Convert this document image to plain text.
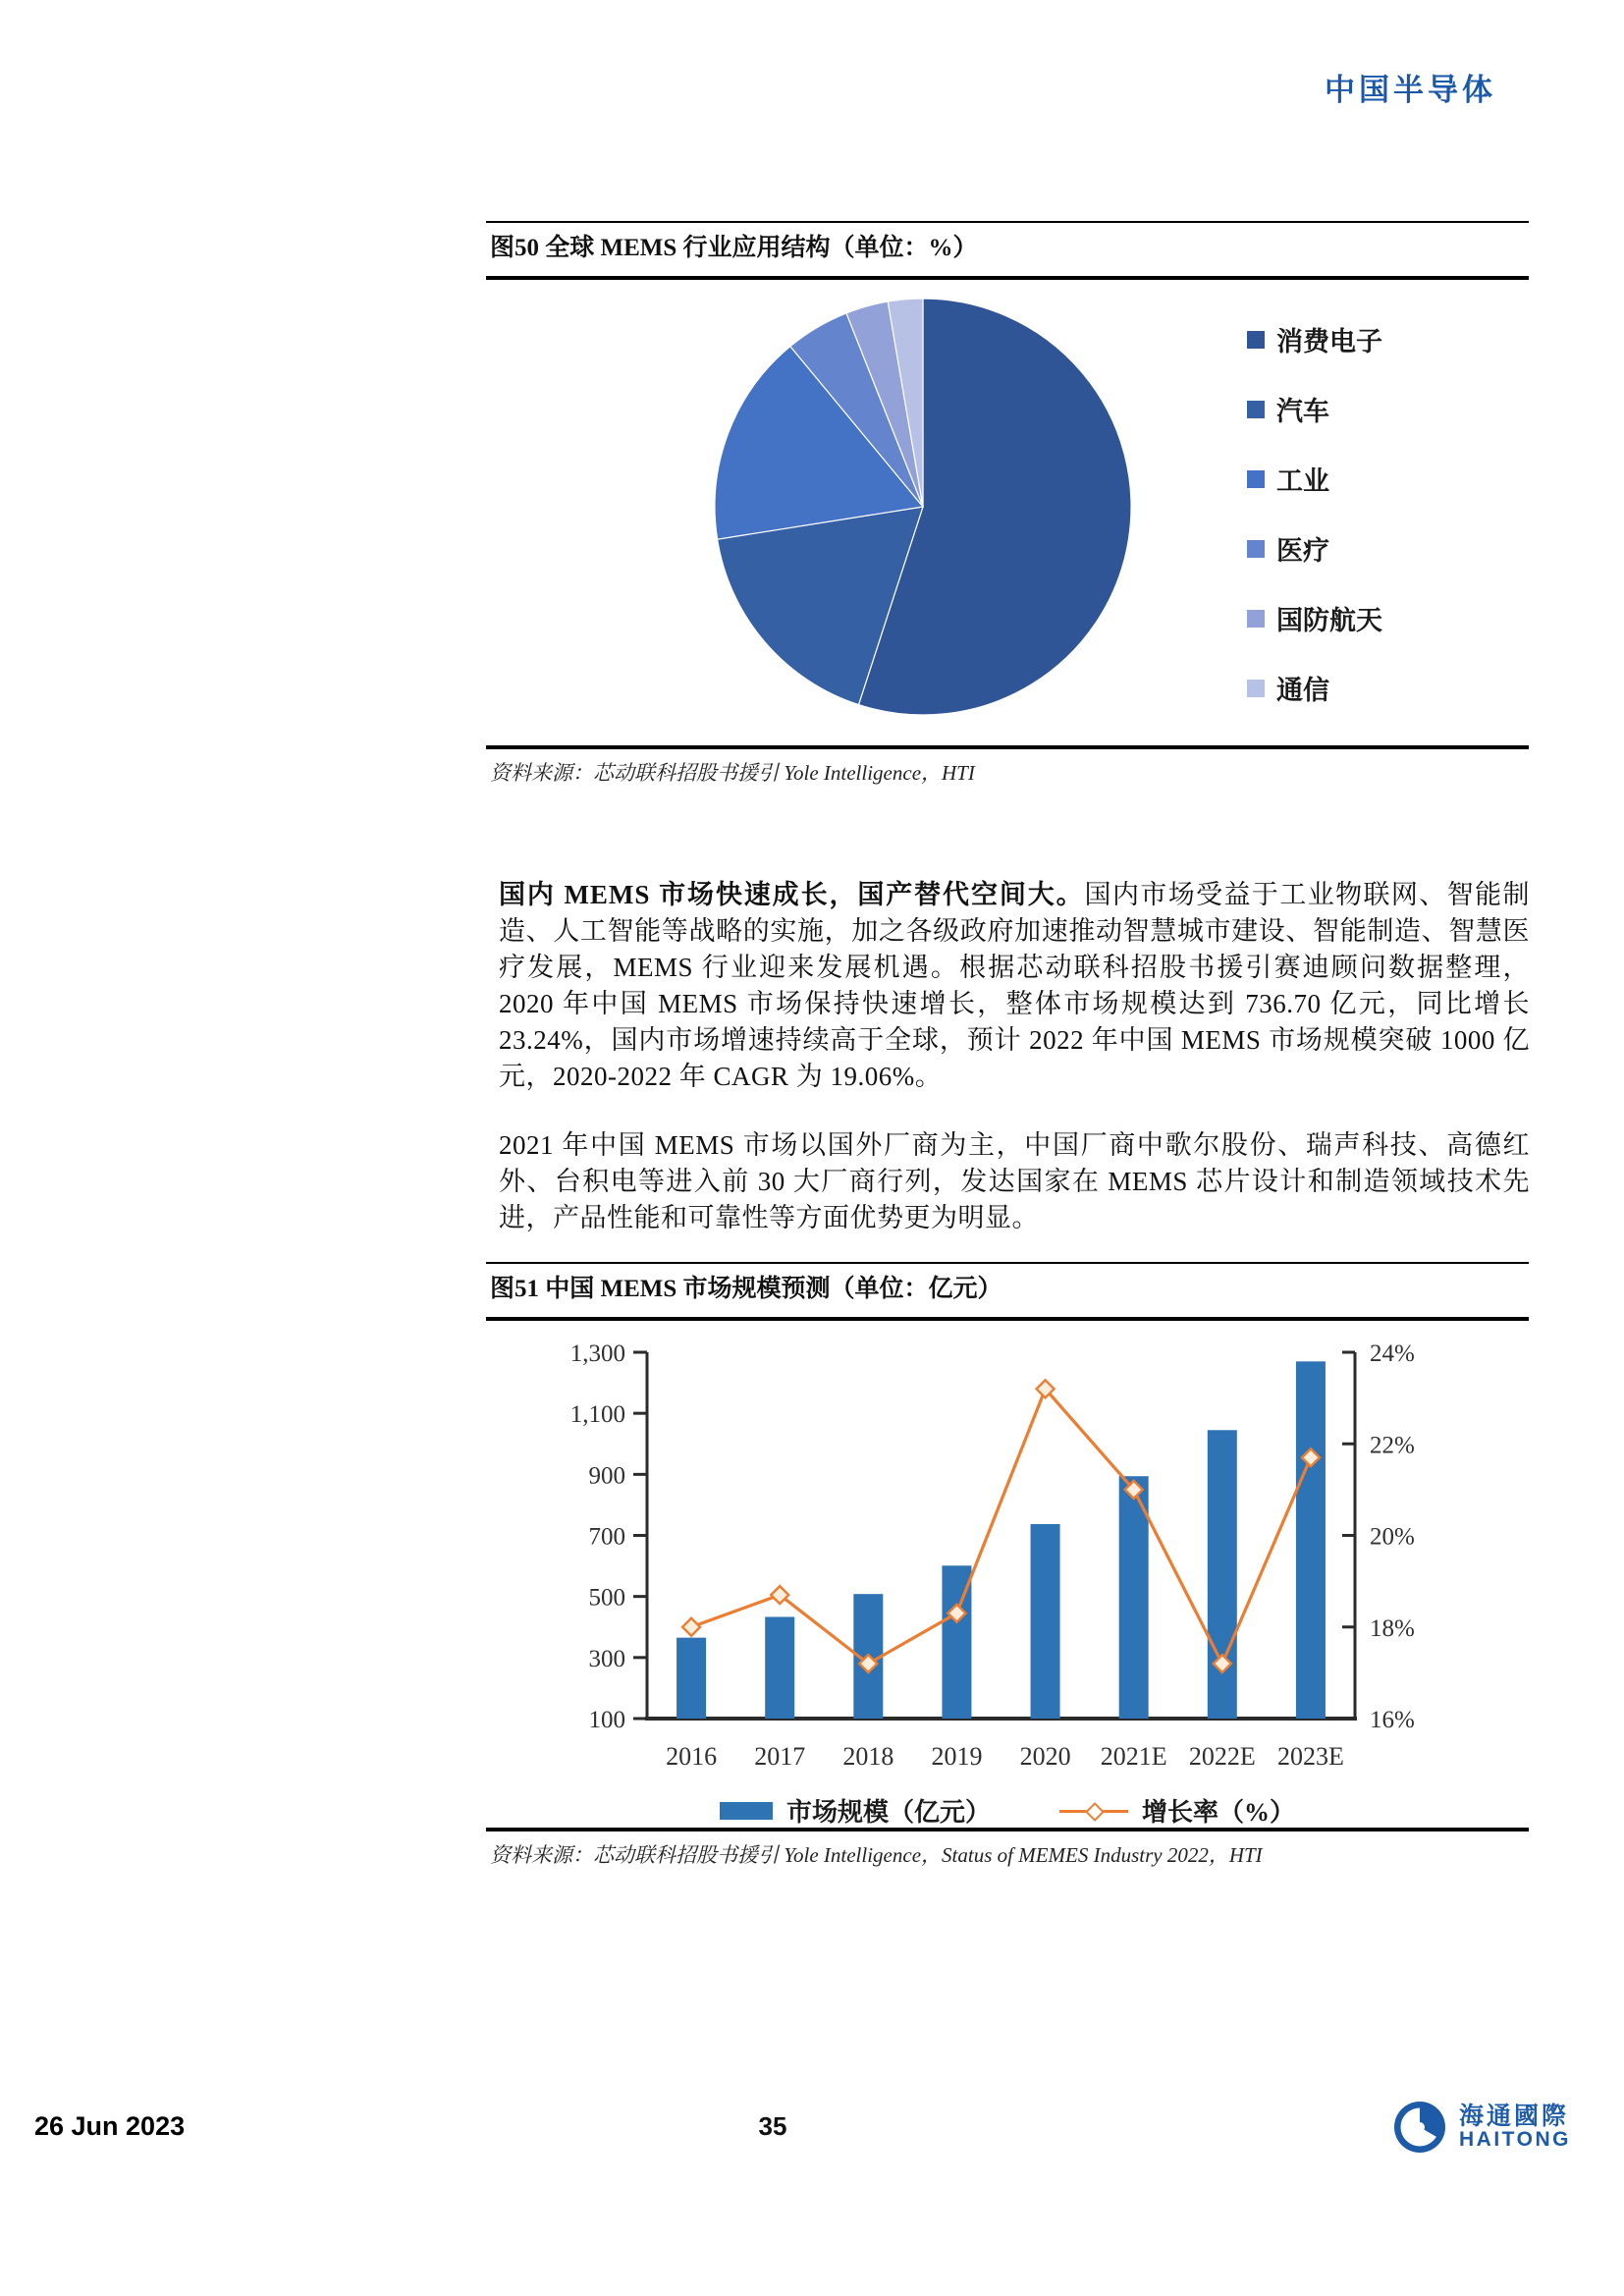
中国半导体
图50 全球 MEMS 行业应用结构（单位：%）
消费电子
汽车
工业
医疗
国防航天
通信
资料来源：芯动联科招股书援引 Yole Intelligence，HTI

国内 MEMS 市场快速成长，国产替代空间大。国内市场受益于工业物联网、智能制造、人工智能等战略的实施，加之各级政府加速推动智慧城市建设、智能制造、智慧医疗发展，MEMS 行业迎来发展机遇。根据芯动联科招股书援引赛迪顾问数据整理，2020 年中国 MEMS 市场保持快速增长，整体市场规模达到 736.70 亿元，同比增长 23.24%，国内市场增速持续高于全球，预计 2022 年中国 MEMS 市场规模突破 1000 亿元，2020-2022 年 CAGR 为 19.06%。

2021 年中国 MEMS 市场以国外厂商为主，中国厂商中歌尔股份、瑞声科技、高德红外、台积电等进入前 30 大厂商行列，发达国家在 MEMS 芯片设计和制造领域技术先进，产品性能和可靠性等方面优势更为明显。

图51 中国 MEMS 市场规模预测（单位：亿元）
1,300
1,100
900
700
500
300
100
24%
22%
20%
18%
16%
2016 2017 2018 2019 2020 2021E 2022E 2023E
市场规模（亿元）	增长率（%）
资料来源：芯动联科招股书援引 Yole Intelligence，Status of MEMES Industry 2022，HTI
26 Jun 2023	35	海通國際
HAITONG
